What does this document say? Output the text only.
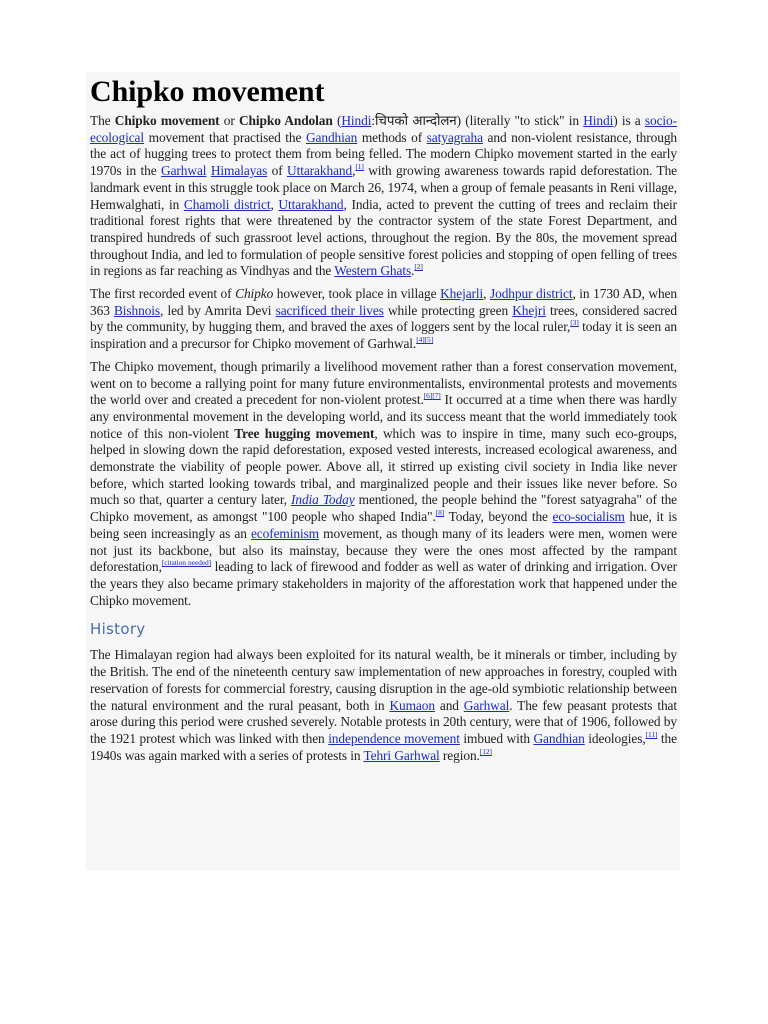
Chipko movement

The Chipko movement or Chipko Andolan (Hindi:चिपको आन्दोलन) (literally "to stick" in Hindi) is a socio-ecological movement that practised the Gandhian methods of satyagraha and non-violent resistance, through the act of hugging trees to protect them from being felled. The modern Chipko movement started in the early 1970s in the Garhwal Himalayas of Uttarakhand,[1] with growing awareness towards rapid deforestation. The landmark event in this struggle took place on March 26, 1974, when a group of female peasants in Reni village, Hemwalghati, in Chamoli district, Uttarakhand, India, acted to prevent the cutting of trees and reclaim their traditional forest rights that were threatened by the contractor system of the state Forest Department, and transpired hundreds of such grassroot level actions, throughout the region. By the 80s, the movement spread throughout India, and led to formulation of people sensitive forest policies and stopping of open felling of trees in regions as far reaching as Vindhyas and the Western Ghats.[2]

The first recorded event of Chipko however, took place in village Khejarli, Jodhpur district, in 1730 AD, when 363 Bishnois, led by Amrita Devi sacrificed their lives while protecting green Khejri trees, considered sacred by the community, by hugging them, and braved the axes of loggers sent by the local ruler,[3] today it is seen an inspiration and a precursor for Chipko movement of Garhwal.[4][5]

The Chipko movement, though primarily a livelihood movement rather than a forest conservation movement, went on to become a rallying point for many future environmentalists, environmental protests and movements the world over and created a precedent for non-violent protest.[6][7] It occurred at a time when there was hardly any environmental movement in the developing world, and its success meant that the world immediately took notice of this non-violent Tree hugging movement, which was to inspire in time, many such eco-groups, helped in slowing down the rapid deforestation, exposed vested interests, increased ecological awareness, and demonstrate the viability of people power. Above all, it stirred up existing civil society in India like never before, which started looking towards tribal, and marginalized people and their issues like never before. So much so that, quarter a century later, India Today mentioned, the people behind the "forest satyagraha" of the Chipko movement, as amongst "100 people who shaped India".[8] Today, beyond the eco-socialism hue, it is being seen increasingly as an ecofeminism movement, as though many of its leaders were men, women were not just its backbone, but also its mainstay, because they were the ones most affected by the rampant deforestation,[citation needed] leading to lack of firewood and fodder as well as water of drinking and irrigation. Over the years they also became primary stakeholders in majority of the afforestation work that happened under the Chipko movement.

History

The Himalayan region had always been exploited for its natural wealth, be it minerals or timber, including by the British. The end of the nineteenth century saw implementation of new approaches in forestry, coupled with reservation of forests for commercial forestry, causing disruption in the age-old symbiotic relationship between the natural environment and the rural peasant, both in Kumaon and Garhwal. The few peasant protests that arose during this period were crushed severely. Notable protests in 20th century, were that of 1906, followed by the 1921 protest which was linked with then independence movement imbued with Gandhian ideologies,[11] the 1940s was again marked with a series of protests in Tehri Garhwal region.[12]
